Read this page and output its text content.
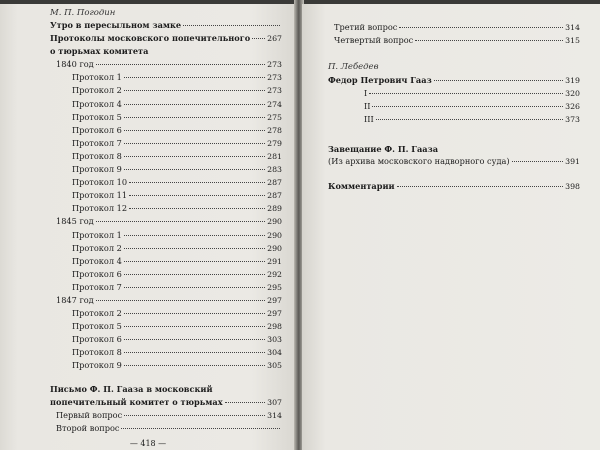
М. П. Погодин
Утро в пересыльном замке
Протоколы московского попечительного 267
о тюрьмах комитета
1840 год	273
Протокол 1	273
Протокол 2	273
Протокол 4	274
Протокол 5	275
Протокол 6	278
Протокол 7	279
Протокол 8	281
Протокол 9	283
Протокол 10	287
Протокол 11	287
Протокол 12	289
1845 год	290
Протокол 1	290
Протокол 2	290
Протокол 4	291
Протокол 6	292
Протокол 7	295
1847 год	297
Протокол 2	297
Протокол 5	298
Протокол 6	303
Протокол 8	304
Протокол 9	305
Письмо Ф. П. Гааза в московский
попечительный комитет о тюрьмах	307
Первый вопрос	314
Второй вопрос
— 418 —
Третий вопрос	314
Четвертый вопрос	315
П. Лебедев
Федор Петрович Гааз	319
I	320
II	326
III	373
Завещание Ф. П. Гааза
(Из архива московского надворного суда)	391
Комментарии	398
